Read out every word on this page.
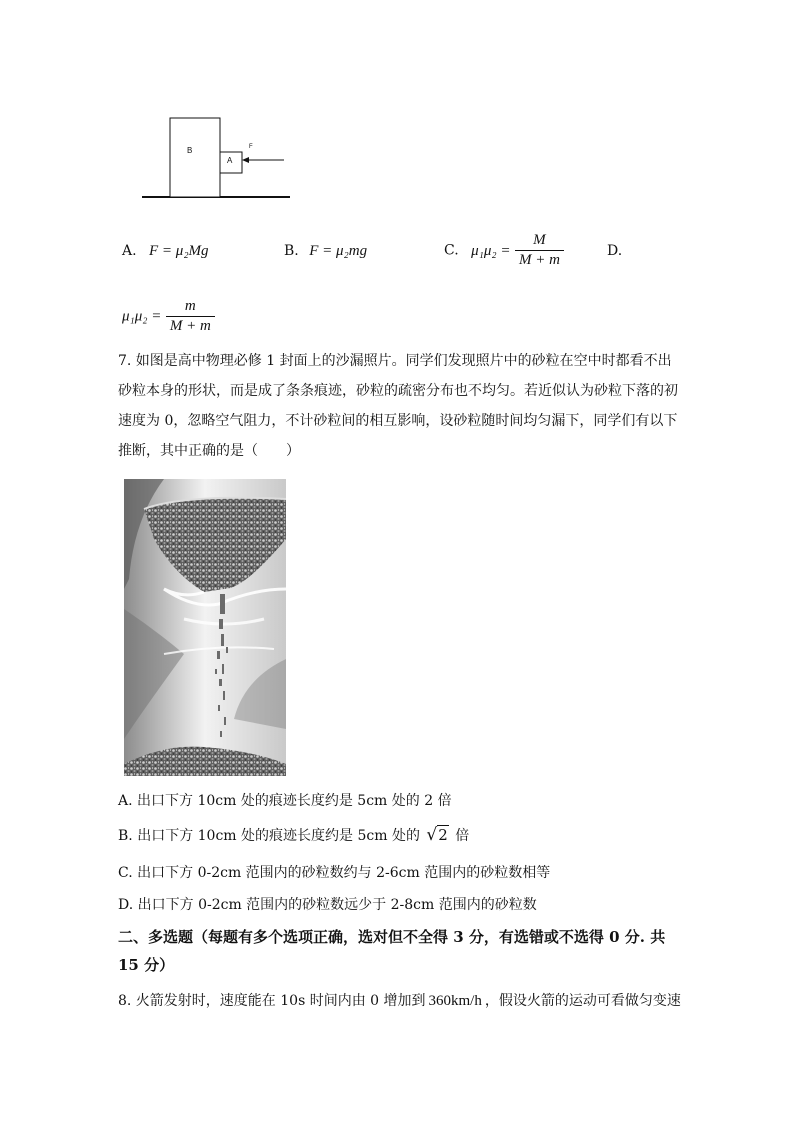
B
A
F
A. F = μ₂Mg	B. F = μ₂mg	C. $\mu_1\mu_2 = \frac{M}{M + m}$	D.
$\mu_1\mu_2 = \frac{m}{M + m}$
7. 如图是高中物理必修 1 封面上的沙漏照片。同学们发现照片中的砂粒在空中时都看不出
砂粒本身的形状，而是成了条条痕迹，砂粒的疏密分布也不均匀。若近似认为砂粒下落的初
速度为 0，忽略空气阻力，不计砂粒间的相互影响，设砂粒随时间均匀漏下，同学们有以下
推断，其中正确的是（　　）
A. 出口下方 10cm 处的痕迹长度约是 5cm 处的 2 倍
B. 出口下方 10cm 处的痕迹长度约是 5cm 处的 √2 倍
C. 出口下方 0-2cm 范围内的砂粒数约与 2-6cm 范围内的砂粒数相等
D. 出口下方 0-2cm 范围内的砂粒数远少于 2-8cm 范围内的砂粒数
二、多选题（每题有多个选项正确，选对但不全得 3 分，有选错或不选得 0 分. 共
15 分）
8. 火箭发射时，速度能在 10s 时间内由 0 增加到 360km/h ，假设火箭的运动可看做匀变速
